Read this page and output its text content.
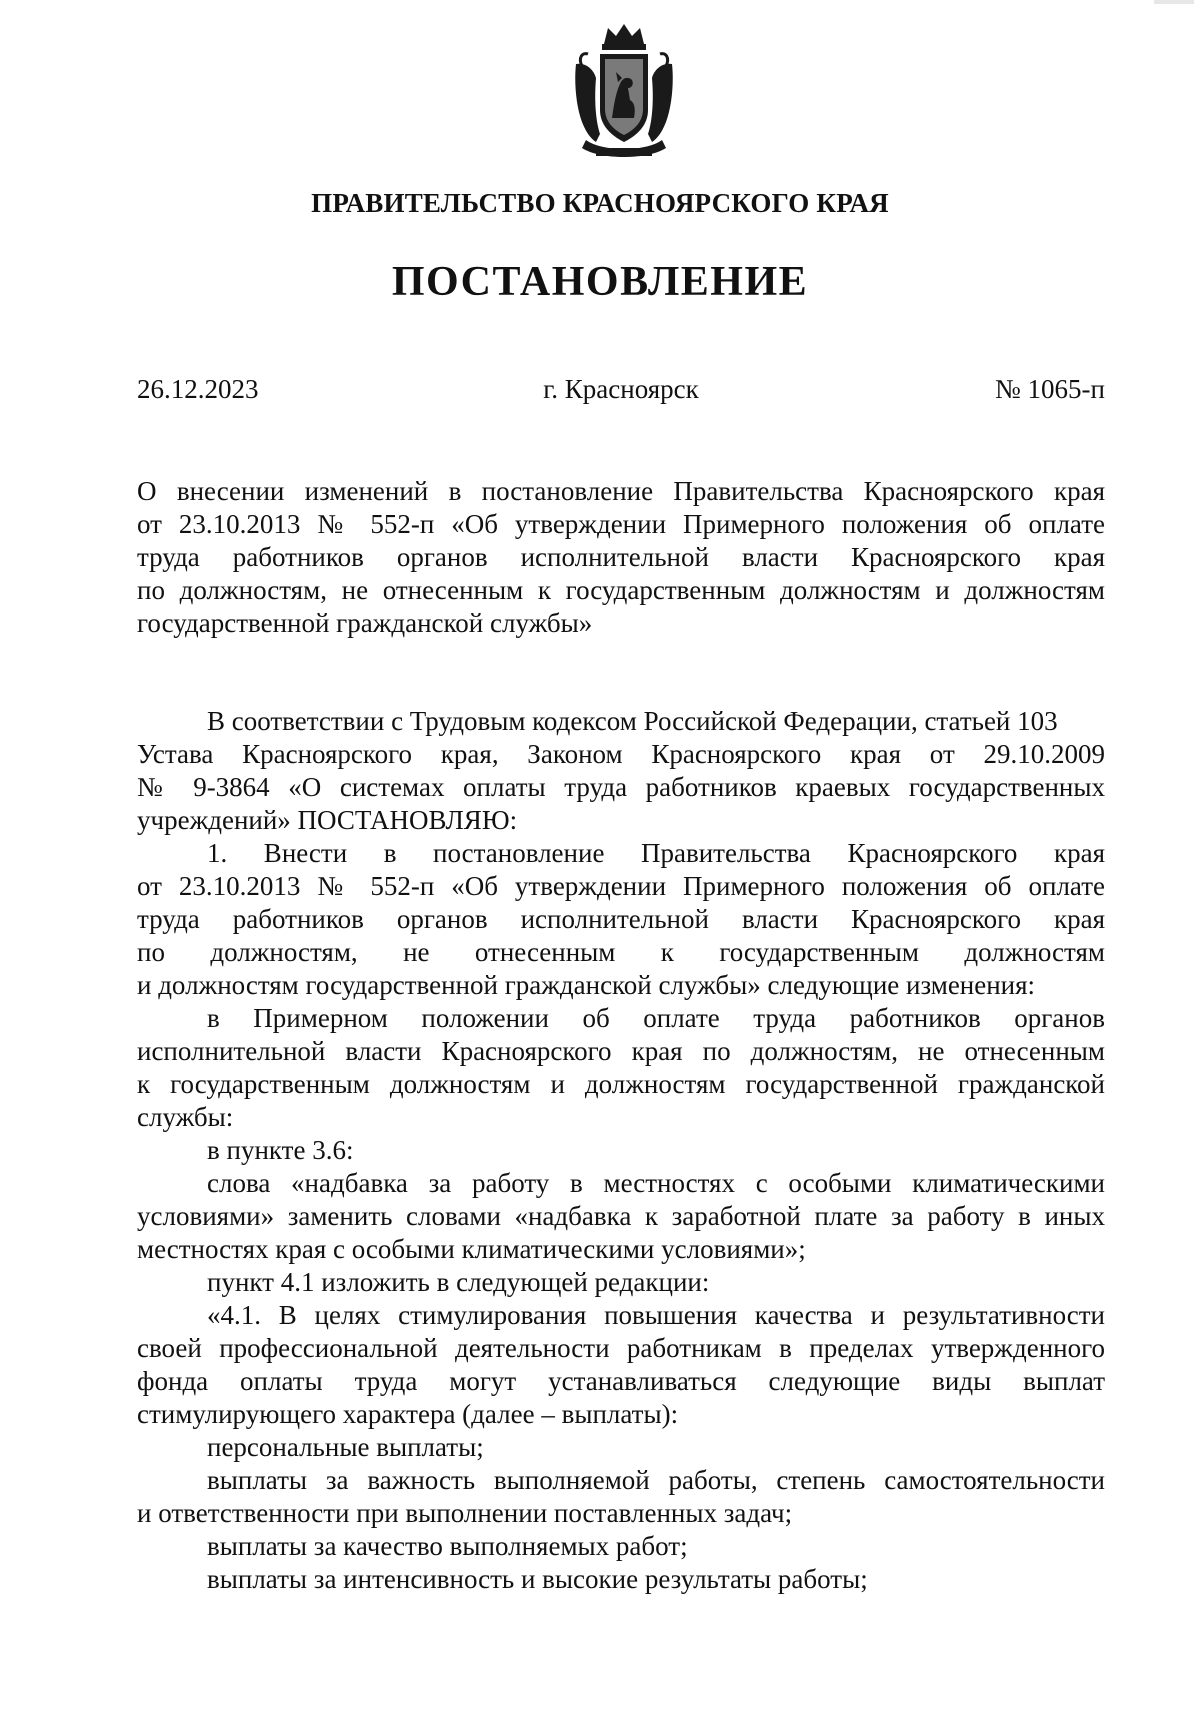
ПРАВИТЕЛЬСТВО КРАСНОЯРСКОГО КРАЯ
ПОСТАНОВЛЕНИЕ
26.12.2023	г. Красноярск	№ 1065-п
О внесении изменений в постановление Правительства Красноярского края
от 23.10.2013 № 552-п «Об утверждении Примерного положения об оплате
труда работников органов исполнительной власти Красноярского края
по должностям, не отнесенным к государственным должностям и должностям
государственной гражданской службы»
В соответствии с Трудовым кодексом Российской Федерации, статьей 103
Устава Красноярского края, Законом Красноярского края от 29.10.2009
№ 9-3864 «О системах оплаты труда работников краевых государственных
учреждений» ПОСТАНОВЛЯЮ:
1. Внести в постановление Правительства Красноярского края
от 23.10.2013 № 552-п «Об утверждении Примерного положения об оплате
труда работников органов исполнительной власти Красноярского края
по должностям, не отнесенным к государственным должностям
и должностям государственной гражданской службы» следующие изменения:
в Примерном положении об оплате труда работников органов
исполнительной власти Красноярского края по должностям, не отнесенным
к государственным должностям и должностям государственной гражданской
службы:
в пункте 3.6:
слова «надбавка за работу в местностях с особыми климатическими
условиями» заменить словами «надбавка к заработной плате за работу в иных
местностях края с особыми климатическими условиями»;
пункт 4.1 изложить в следующей редакции:
«4.1. В целях стимулирования повышения качества и результативности
своей профессиональной деятельности работникам в пределах утвержденного
фонда оплаты труда могут устанавливаться следующие виды выплат
стимулирующего характера (далее – выплаты):
персональные выплаты;
выплаты за важность выполняемой работы, степень самостоятельности
и ответственности при выполнении поставленных задач;
выплаты за качество выполняемых работ;
выплаты за интенсивность и высокие результаты работы;
